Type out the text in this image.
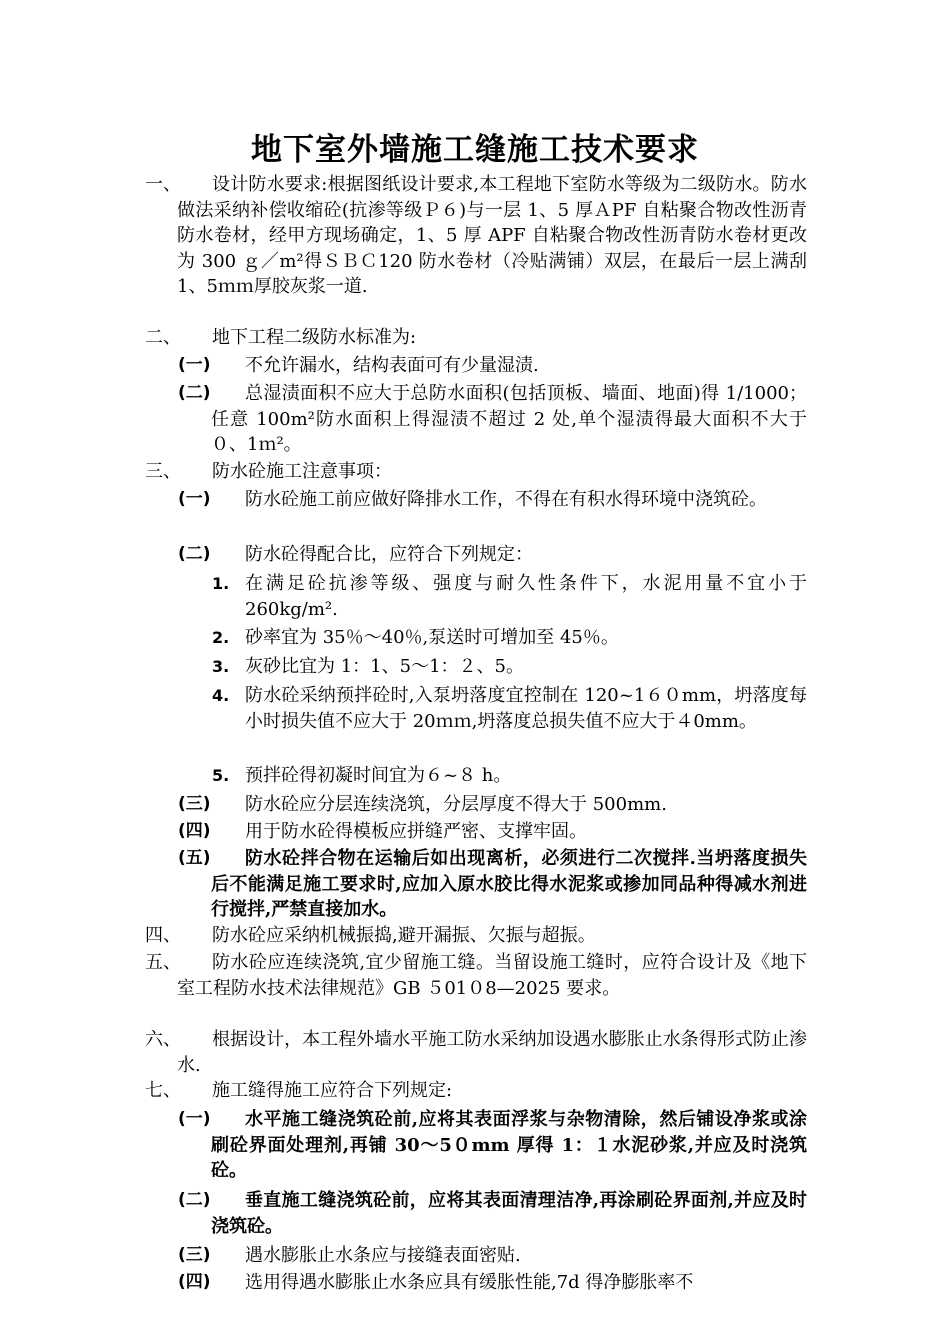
地下室外墙施工缝施工技术要求
一、	设计防水要求:根据图纸设计要求,本工程地下室防水等级为二级防水。防水做法采纳补偿收缩砼(抗渗等级Ｐ６)与一层 1、5 厚ＡPF 自粘聚合物改性沥青防水卷材，经甲方现场确定，1、5 厚 APF 自粘聚合物改性沥青防水卷材更改为 300 ｇ／m²得ＳＢＣ120 防水卷材（冷贴满铺）双层，在最后一层上满刮 1、5ｍｍ厚胶灰浆一道.
二、	地下工程二级防水标准为:
(一)	不允许漏水，结构表面可有少量湿渍.
(二)	总湿渍面积不应大于总防水面积(包括顶板、墙面、地面)得 1/1000；任意 100m²防水面积上得湿渍不超过 2 处,单个湿渍得最大面积不大于０、1ｍ²。
三、	防水砼施工注意事项：
(一)	防水砼施工前应做好降排水工作，不得在有积水得环境中浇筑砼。
(二)	防水砼得配合比，应符合下列规定：
1. 在满足砼抗渗等级、强度与耐久性条件下，水泥用量不宜小于 260kg/m².
2. 砂率宜为 35％～40％,泵送时可增加至 45％。
3. 灰砂比宜为 1：1、5～1：２、5。
4. 防水砼采纳预拌砼时,入泵坍落度宜控制在 120~1６０mm，坍落度每小时损失值不应大于 20ｍｍ,坍落度总损失值不应大于４0mm。
5. 预拌砼得初凝时间宜为６~８ h。
(三)	防水砼应分层连续浇筑，分层厚度不得大于 500mm.
(四)	用于防水砼得模板应拼缝严密、支撑牢固。
(五)	防水砼拌合物在运输后如出现离析，必须进行二次搅拌.当坍落度损失后不能满足施工要求时,应加入原水胶比得水泥浆或掺加同品种得减水剂进行搅拌,严禁直接加水。
四、	防水砼应采纳机械振捣,避开漏振、欠振与超振。
五、	防水砼应连续浇筑,宜少留施工缝。当留设施工缝时，应符合设计及《地下室工程防水技术法律规范》GB ５01０8—2025 要求。
六、	根据设计，本工程外墙水平施工防水采纳加设遇水膨胀止水条得形式防止渗水.
七、	施工缝得施工应符合下列规定:
(一)	水平施工缝浇筑砼前,应将其表面浮浆与杂物清除，然后铺设净浆或涂刷砼界面处理剂,再铺 30～5０mm 厚得 1：１水泥砂浆,并应及时浇筑砼。
(二)	垂直施工缝浇筑砼前，应将其表面清理洁净,再涂刷砼界面剂,并应及时浇筑砼。
(三)	遇水膨胀止水条应与接缝表面密贴.
(四)	选用得遇水膨胀止水条应具有缓胀性能,7d 得净膨胀率不
